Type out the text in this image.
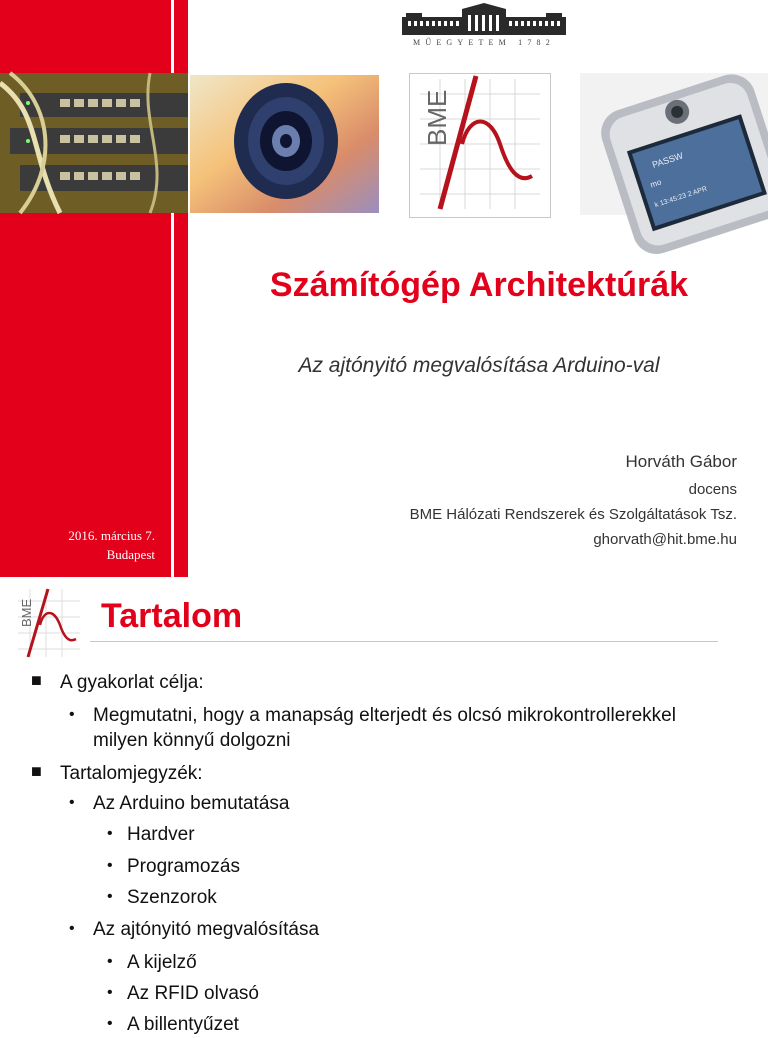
MŰEGYETEM 1782
BME
PASSW
mo
k 13:45:23 2 APR
Számítógép Architektúrák
Az ajtónyitó megvalósítása Arduino-val
Horváth Gábor
docens
BME Hálózati Rendszerek és Szolgáltatások Tsz.
ghorvath@hit.bme.hu
2016. március 7.
Budapest
BME Tartalom
■ A gyakorlat célja:
• Megmutatni, hogy a manapság elterjedt és olcsó mikrokontrollerekkel
milyen könnyű dolgozni
■ Tartalomjegyzék:
• Az Arduino bemutatása
• Hardver
• Programozás
• Szenzorok
• Az ajtónyitó megvalósítása
• A kijelző
• Az RFID olvasó
• A billentyűzet
